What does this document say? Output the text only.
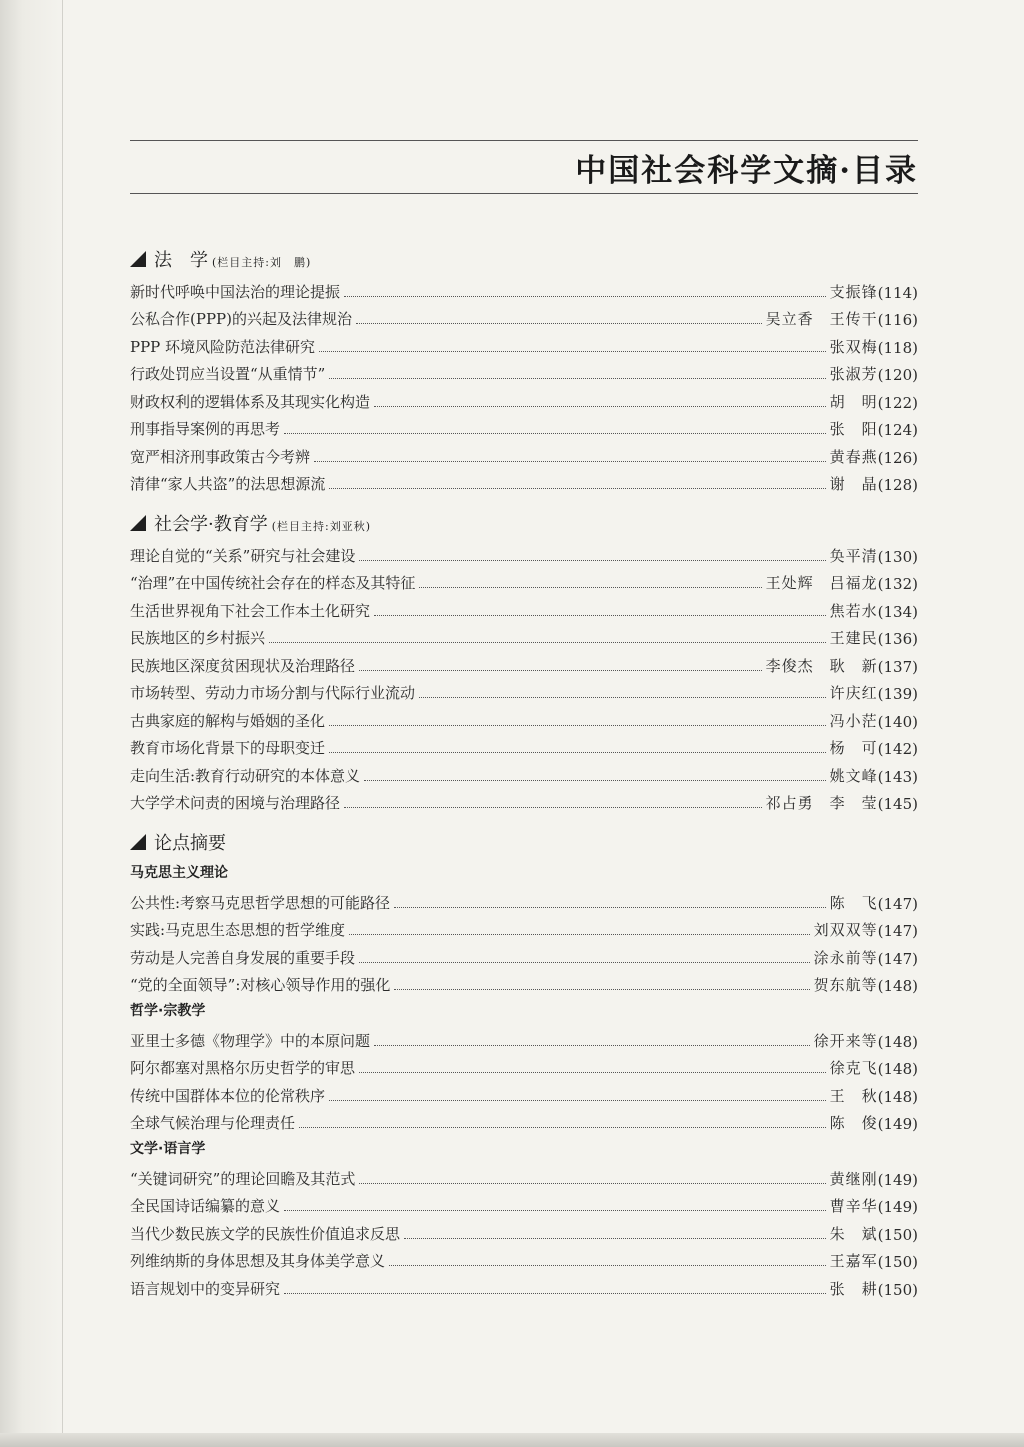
中国社会科学文摘·目录
法　学 (栏目主持:刘　鹏)
新时代呼唤中国法治的理论提振	支振锋 (114)
公私合作(PPP)的兴起及法律规治	吴立香　王传干 (116)
PPP 环境风险防范法律研究	张双梅 (118)
行政处罚应当设置“从重情节”	张淑芳 (120)
财政权利的逻辑体系及其现实化构造	胡　明 (122)
刑事指导案例的再思考	张　阳 (124)
宽严相济刑事政策古今考辨	黄春燕 (126)
清律“家人共盗”的法思想源流	谢　晶 (128)
社会学·教育学 (栏目主持:刘亚秋)
理论自觉的“关系”研究与社会建设	奂平清 (130)
“治理”在中国传统社会存在的样态及其特征	王处辉　吕福龙 (132)
生活世界视角下社会工作本土化研究	焦若水 (134)
民族地区的乡村振兴	王建民 (136)
民族地区深度贫困现状及治理路径	李俊杰　耿　新 (137)
市场转型、劳动力市场分割与代际行业流动	许庆红 (139)
古典家庭的解构与婚姻的圣化	冯小茫 (140)
教育市场化背景下的母职变迁	杨　可 (142)
走向生活:教育行动研究的本体意义	姚文峰 (143)
大学学术问责的困境与治理路径	祁占勇　李　莹 (145)
论点摘要
马克思主义理论
公共性:考察马克思哲学思想的可能路径	陈　飞 (147)
实践:马克思生态思想的哲学维度	刘双双等 (147)
劳动是人完善自身发展的重要手段	涂永前等 (147)
“党的全面领导”:对核心领导作用的强化	贺东航等 (148)
哲学·宗教学
亚里士多德《物理学》中的本原问题	徐开来等 (148)
阿尔都塞对黑格尔历史哲学的审思	徐克飞 (148)
传统中国群体本位的伦常秩序	王　秋 (148)
全球气候治理与伦理责任	陈　俊 (149)
文学·语言学
“关键词研究”的理论回瞻及其范式	黄继刚 (149)
全民国诗话编纂的意义	曹辛华 (149)
当代少数民族文学的民族性价值追求反思	朱　斌 (150)
列维纳斯的身体思想及其身体美学意义	王嘉军 (150)
语言规划中的变异研究	张　耕 (150)
